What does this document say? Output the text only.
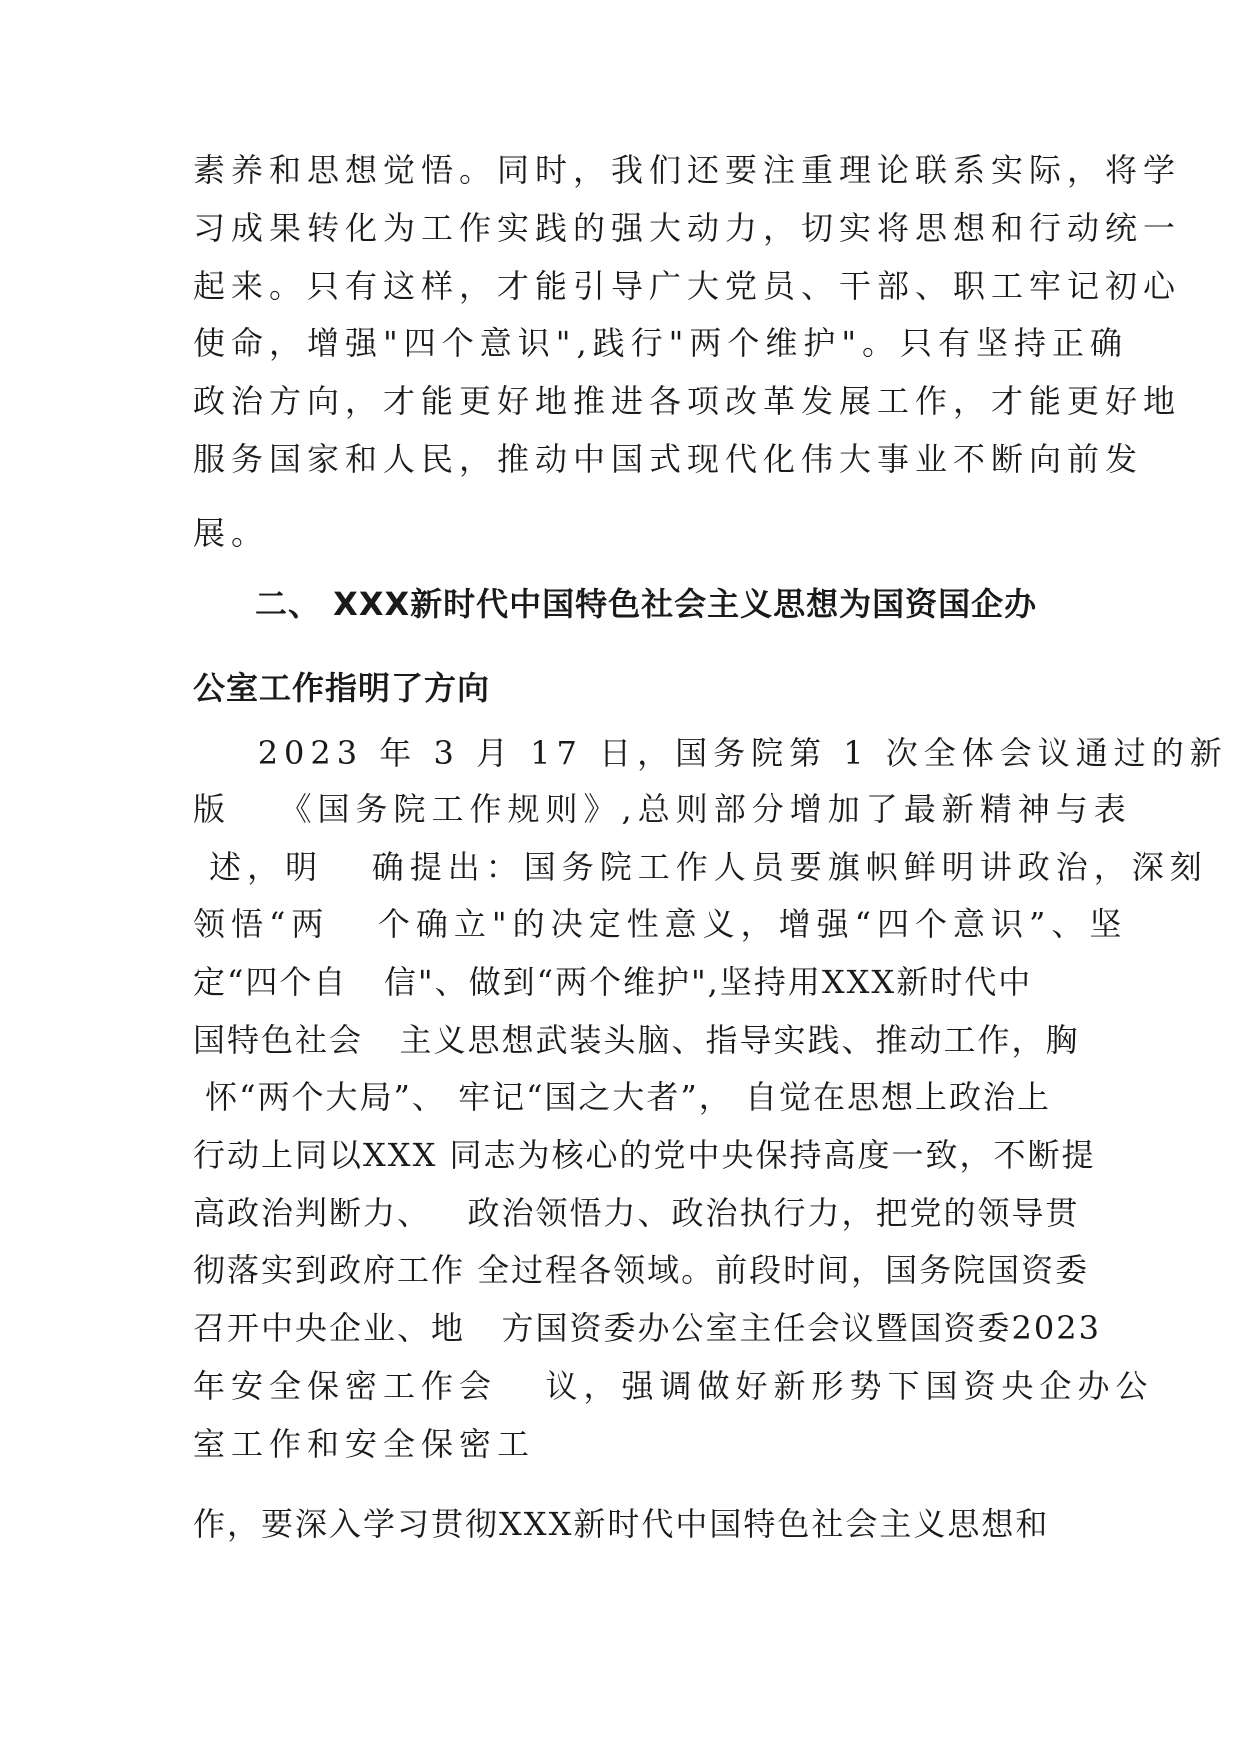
素养和思想觉悟。同时，我们还要注重理论联系实际，将学

习成果转化为工作实践的强大动力，切实将思想和行动统一

起来。只有这样，才能引导广大党员、干部、职工牢记初心

使命，增强"四个意识",践行"两个维护"。只有坚持正确

政治方向，才能更好地推进各项改革发展工作，才能更好地

服务国家和人民，推动中国式现代化伟大事业不断向前发

展。

二、 XXX新时代中国特色社会主义思想为国资国企办

公室工作指明了方向

2023 年 3 月 17 日，国务院第 1 次全体会议通过的新

版   《国务院工作规则》,总则部分增加了最新精神与表

述，明   确提出：国务院工作人员要旗帜鲜明讲政治，深刻

领悟“两   个确立"的决定性意义，增强“四个意识”、坚

定“四个自   信"、做到“两个维护",坚持用XXX新时代中

国特色社会   主义思想武装头脑、指导实践、推动工作，胸

怀“两个大局”、 牢记“国之大者”， 自觉在思想上政治上

行动上同以XXX 同志为核心的党中央保持高度一致，不断提

高政治判断力、   政治领悟力、政治执行力，把党的领导贯

彻落实到政府工作 全过程各领域。前段时间，国务院国资委

召开中央企业、地   方国资委办公室主任会议暨国资委2023

年安全保密工作会   议，强调做好新形势下国资央企办公

室工作和安全保密工

作，要深入学习贯彻XXX新时代中国特色社会主义思想和
